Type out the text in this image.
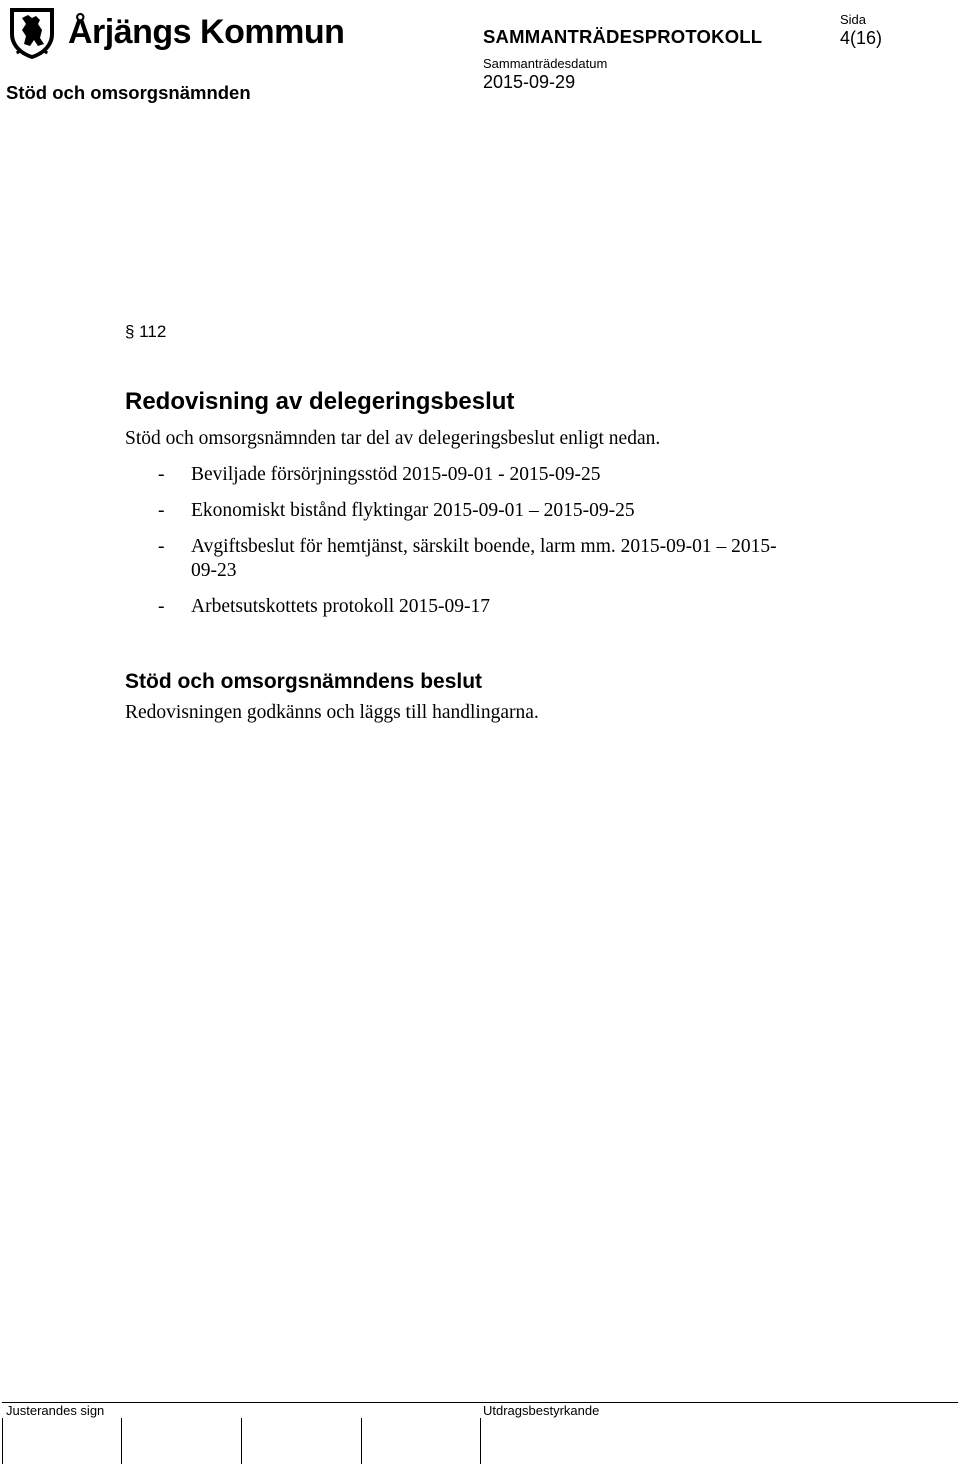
Årjängs Kommun	SAMMANTRÄDESPROTOKOLL
Sida
4(16)
Sammanträdesdatum
2015-09-29
Stöd och omsorgsnämnden
§ 112
Redovisning av delegeringsbeslut
Stöd och omsorgsnämnden tar del av delegeringsbeslut enligt nedan.
- Beviljade försörjningsstöd 2015-09-01 - 2015-09-25
- Ekonomiskt bistånd flyktingar 2015-09-01 – 2015-09-25
- Avgiftsbeslut för hemtjänst, särskilt boende, larm mm. 2015-09-01 – 2015-09-23
- Arbetsutskottets protokoll 2015-09-17
Stöd och omsorgsnämndens beslut
Redovisningen godkänns och läggs till handlingarna.
Justerandes sign	Utdragsbestyrkande
